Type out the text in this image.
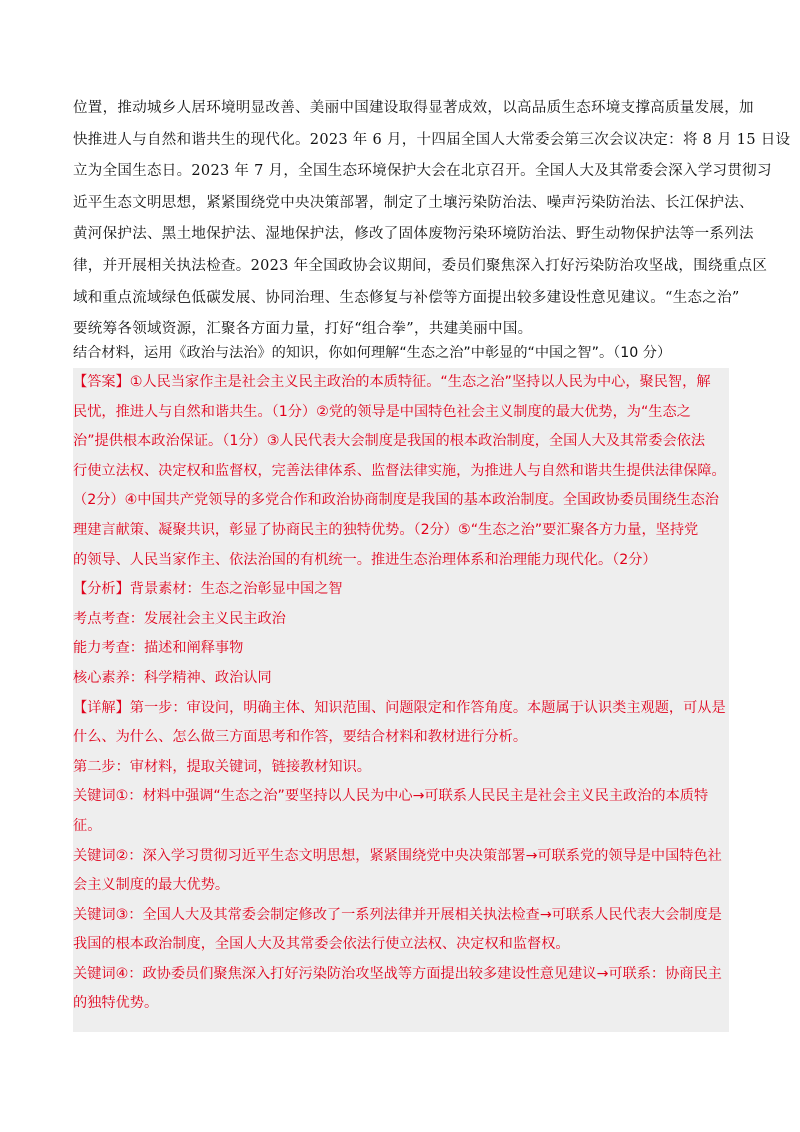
位置，推动城乡人居环境明显改善、美丽中国建设取得显著成效，以高品质生态环境支撑高质量发展，加
快推进人与自然和谐共生的现代化。2023 年 6 月，十四届全国人大常委会第三次会议决定：将 8 月 15 日设
立为全国生态日。2023 年 7 月，全国生态环境保护大会在北京召开。全国人大及其常委会深入学习贯彻习
近平生态文明思想，紧紧围绕党中央决策部署，制定了土壤污染防治法、噪声污染防治法、长江保护法、
黄河保护法、黑土地保护法、湿地保护法，修改了固体废物污染环境防治法、野生动物保护法等一系列法
律，并开展相关执法检查。2023 年全国政协会议期间，委员们聚焦深入打好污染防治攻坚战，围绕重点区
域和重点流域绿色低碳发展、协同治理、生态修复与补偿等方面提出较多建设性意见建议。“生态之治”
要统筹各领域资源，汇聚各方面力量，打好“组合拳”，共建美丽中国。
结合材料，运用《政治与法治》的知识，你如何理解“生态之治”中彰显的“中国之智”。（10 分）
【答案】①人民当家作主是社会主义民主政治的本质特征。“生态之治”坚持以人民为中心，聚民智，解
民忧，推进人与自然和谐共生。（1分）②党的领导是中国特色社会主义制度的最大优势，为“生态之
治”提供根本政治保证。（1分）③人民代表大会制度是我国的根本政治制度，全国人大及其常委会依法
行使立法权、决定权和监督权，完善法律体系、监督法律实施，为推进人与自然和谐共生提供法律保障。
（2分）④中国共产党领导的多党合作和政治协商制度是我国的基本政治制度。全国政协委员围绕生态治
理建言献策、凝聚共识，彰显了协商民主的独特优势。（2分）⑤“生态之治”要汇聚各方力量，坚持党
的领导、人民当家作主、依法治国的有机统一。推进生态治理体系和治理能力现代化。（2分）
【分析】背景素材：生态之治彰显中国之智
考点考查：发展社会主义民主政治
能力考查：描述和阐释事物
核心素养：科学精神、政治认同
【详解】第一步：审设问，明确主体、知识范围、问题限定和作答角度。本题属于认识类主观题，可从是
什么、为什么、怎么做三方面思考和作答，要结合材料和教材进行分析。
第二步：审材料，提取关键词，链接教材知识。
关键词①：材料中强调“生态之治”要坚持以人民为中心→可联系人民民主是社会主义民主政治的本质特
征。
关键词②：深入学习贯彻习近平生态文明思想，紧紧围绕党中央决策部署→可联系党的领导是中国特色社
会主义制度的最大优势。
关键词③：全国人大及其常委会制定修改了一系列法律并开展相关执法检查→可联系人民代表大会制度是
我国的根本政治制度，全国人大及其常委会依法行使立法权、决定权和监督权。
关键词④：政协委员们聚焦深入打好污染防治攻坚战等方面提出较多建设性意见建议→可联系：协商民主
的独特优势。
